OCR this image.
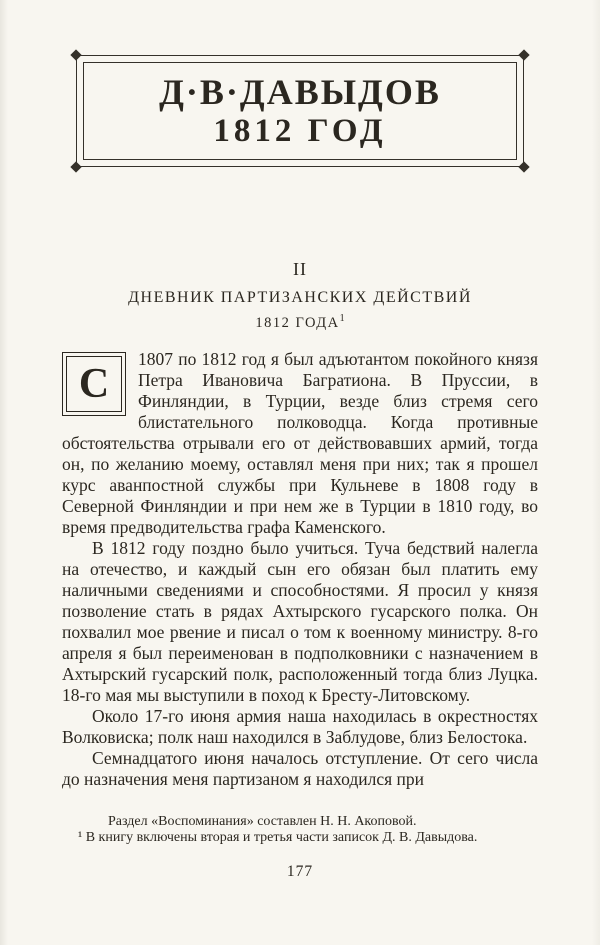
Д·В·ДАВЫДОВ
1812 ГОД
II
ДНЕВНИК ПАРТИЗАНСКИХ ДЕЙСТВИЙ
1812 ГОДА$^1$

С
1807 по 1812 год я был адъютантом покойного князя Петра Ивановича Багратиона. В Пруссии, в Финляндии, в Турции, везде близ стремя сего блистательного полководца. Когда противные обстоятельства отрывали его от действовавших армий, тогда он, по желанию моему, оставлял меня при них; так я прошел курс аванпостной службы при Кульневе в 1808 году в Северной Финляндии и при нем же в Турции в 1810 году, во время предводительства графа Каменского.

В 1812 году поздно было учиться. Туча бедствий налегла на отечество, и каждый сын его обязан был платить ему наличными сведениями и способностями. Я просил у князя позволение стать в рядах Ахтырского гусарского полка. Он похвалил мое рвение и писал о том к военному министру. 8-го апреля я был переименован в подполковники с назначением в Ахтырский гусарский полк, расположенный тогда близ Луцка. 18-го мая мы выступили в поход к Бресту-Литовскому.

Около 17-го июня армия наша находилась в окрестностях Волковиска; полк наш находился в Заблудове, близ Белостока.

Семнадцатого июня началось отступление. От сего числа до назначения меня партизаном я находился при

Раздел «Воспоминания» составлен Н. Н. Акоповой.

¹ В книгу включены вторая и третья части записок Д. В. Давыдова.

177
